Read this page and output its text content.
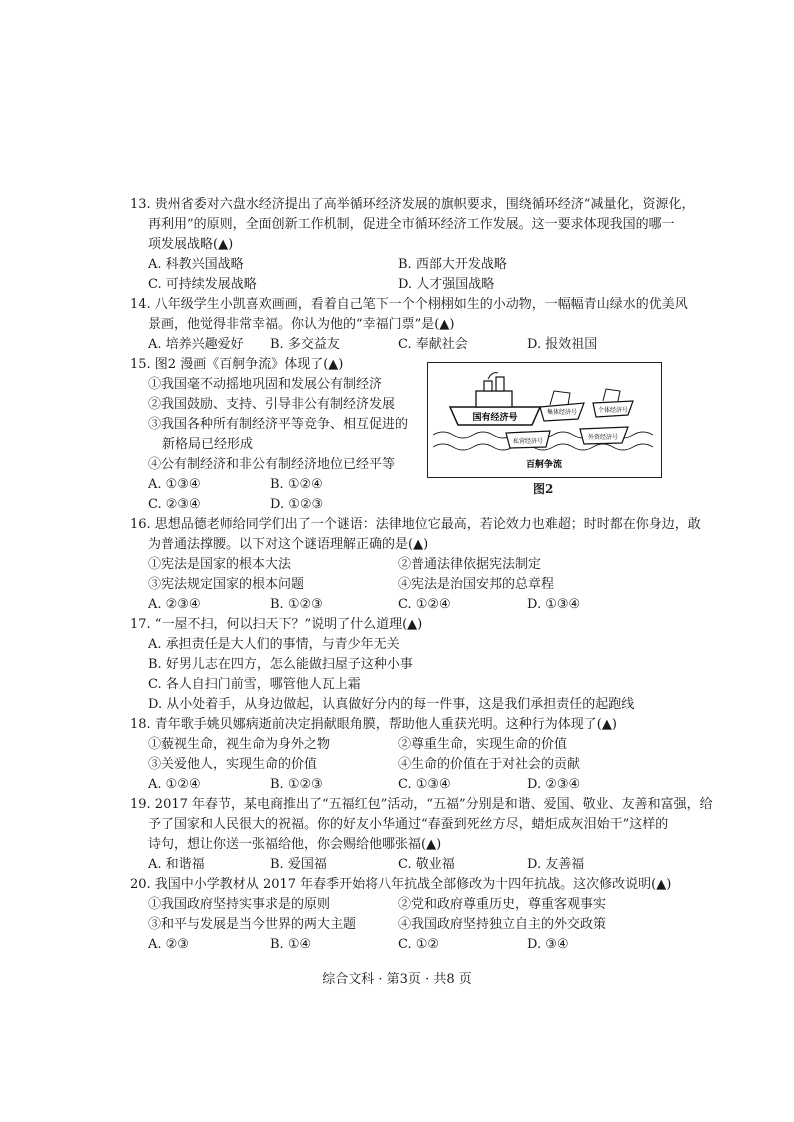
13. 贵州省委对六盘水经济提出了高举循环经济发展的旗帜要求，围绕循环经济“减量化，资源化，
再利用”的原则，全面创新工作机制，促进全市循环经济工作发展。这一要求体现我国的哪一
项发展战略(▲)
A. 科教兴国战略	B. 西部大开发战略
C. 可持续发展战略	D. 人才强国战略
14. 八年级学生小凯喜欢画画，看着自己笔下一个个栩栩如生的小动物，一幅幅青山绿水的优美风
景画，他觉得非常幸福。你认为他的“幸福门票”是(▲)
A. 培养兴趣爱好 B. 多交益友	C. 奉献社会	D. 报效祖国
15. 图2 漫画《百舸争流》体现了(▲)
①我国毫不动摇地巩固和发展公有制经济
②我国鼓励、支持、引导非公有制经济发展
③我国各种所有制经济平等竞争、相互促进的
新格局已经形成
④公有制经济和非公有制经济地位已经平等
A. ①③④	B. ①②④
C. ②③④	D. ①②③
国有经济号
集体经济号	个体经济号
私营经济号
外资经济号
百舸争流
图2
16. 思想品德老师给同学们出了一个谜语：法律地位它最高，若论效力也难超；时时都在你身边，敢
为普通法撑腰。以下对这个谜语理解正确的是(▲)
①宪法是国家的根本大法	②普通法律依据宪法制定
③宪法规定国家的根本问题	④宪法是治国安邦的总章程
A. ②③④	B. ①②③	C. ①②④	D. ①③④
17. “一屋不扫，何以扫天下？”说明了什么道理(▲)
A. 承担责任是大人们的事情，与青少年无关
B. 好男儿志在四方，怎么能做扫屋子这种小事
C. 各人自扫门前雪，哪管他人瓦上霜
D. 从小处着手，从身边做起，认真做好分内的每一件事，这是我们承担责任的起跑线
18. 青年歌手姚贝娜病逝前决定捐献眼角膜，帮助他人重获光明。这种行为体现了(▲)
①藐视生命，视生命为身外之物	②尊重生命，实现生命的价值
③关爱他人，实现生命的价值	④生命的价值在于对社会的贡献
A. ①②④	B. ①②③	C. ①③④	D. ②③④
19. 2017 年春节，某电商推出了“五福红包”活动，“五福”分别是和谐、爱国、敬业、友善和富强，给
予了国家和人民很大的祝福。你的好友小华通过“春蚕到死丝方尽，蜡炬成灰泪始干”这样的
诗句，想让你送一张福给他，你会赐给他哪张福(▲)
A. 和谐福	B. 爱国福	C. 敬业福	D. 友善福
20. 我国中小学教材从 2017 年春季开始将八年抗战全部修改为十四年抗战。这次修改说明(▲)
①我国政府坚持实事求是的原则	②党和政府尊重历史，尊重客观事实
③和平与发展是当今世界的两大主题	④我国政府坚持独立自主的外交政策
A. ②③	B. ①④	C. ①②	D. ③④
综合文科 · 第3页 · 共8 页
